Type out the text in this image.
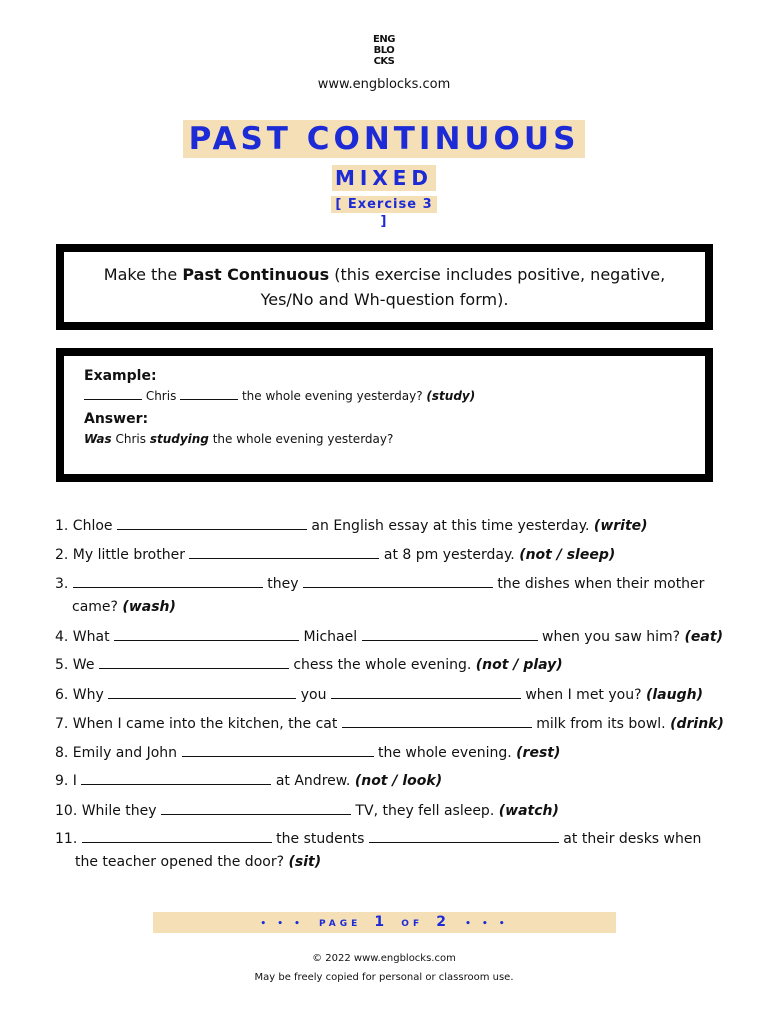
ENG
BLO
CKS
www.engblocks.com
PAST CONTINUOUS
MIXED
[ Exercise 3 ]
Make the Past Continuous (this exercise includes positive, negative, Yes/No and Wh-question form).
Example:
Chris	the whole evening yesterday? (study)
Answer:
Was Chris studying the whole evening yesterday?
1. Chloe	an English essay at this time yesterday. (write)
2. My little brother	at 8 pm yesterday. (not / sleep)
3.	they	the dishes when their mother
came? (wash)
4. What	Michael	when you saw him? (eat)
5. We	chess the whole evening. (not / play)
6. Why	you	when I met you? (laugh)
7. When I came into the kitchen, the cat	milk from its bowl. (drink)
8. Emily and John	the whole evening. (rest)
9. I	at Andrew. (not / look)
10. While they	TV, they fell asleep. (watch)
11.	the students	at their desks when
the teacher opened the door? (sit)
• • • PAGE 1 OF 2 • • •
© 2022 www.engblocks.com
May be freely copied for personal or classroom use.
